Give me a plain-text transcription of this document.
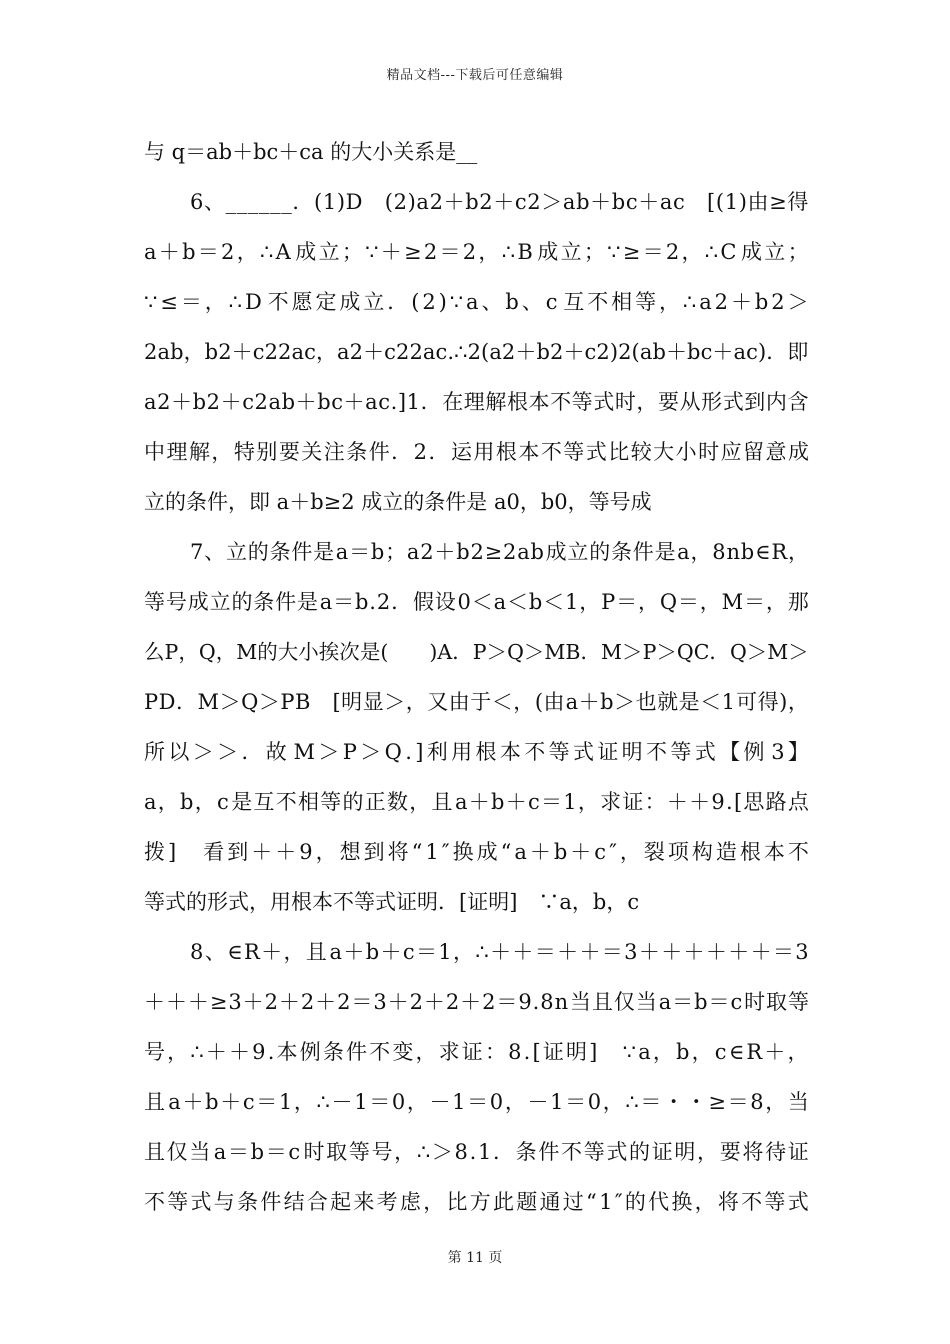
精品文档---下载后可任意编辑
与 q＝ab＋bc＋ca 的大小关系是__
6 、 _ _ _ _ _ _ ． ( 1 ) D
　 ( 2 ) a 2 ＋ b 2 ＋ c 2 ＞ a b ＋ b c ＋ a c
　 [ ( 1 ) 由 ≥ 得
a ＋ b ＝ 2 ， ∴ A 成 立 ； ∵ ＋ ≥ 2 ＝ 2 ， ∴ B 成 立 ； ∵ ≥ ＝ 2 ， ∴ C 成 立 ；
∵ ≤ ＝ ， ∴ D 不 愿 定 成 立 ． ( 2 ) ∵ a 、 b 、 c 互 不 相 等 ， ∴ a 2 ＋ b 2 ＞
2 a b ， b 2 ＋ c 2 2 a c ， a 2 ＋ c 2 2 a c . ∴ 2 ( a 2 ＋ b 2 ＋ c 2 ) 2 ( a b ＋ b c ＋ a c ) ． 即
a 2 ＋ b 2 ＋ c 2 a b ＋ b c ＋ a c . ] 1 ． 在 理 解 根 本 不 等 式 时 ， 要 从 形 式 到 内 含
中 理 解 ， 特 别 要 关 注 条 件 ． 2 ． 运 用 根 本 不 等 式 比 较 大 小 时 应 留 意 成
立的条件，即 a＋b≥2 成立的条件是 a0，b0，等号成
7 、 立 的 条 件 是 a ＝ b ； a 2 ＋ b 2 ≥ 2 a b 成 立 的 条 件 是 a ， 8 n b ∈ R ，
等 号 成 立 的 条 件 是 a ＝ b . 2 ． 假 设 0 ＜ a ＜ b ＜ 1 ， P ＝ ， Q ＝ ， M ＝ ， 那
么 P ， Q ， M 的 大 小 挨 次 是 (

　 ) A ． P ＞ Q ＞ M B ． M ＞ P ＞ Q C ． Q ＞ M ＞
P D ． M ＞ Q ＞ P B
　 [ 明 显 ＞ ， 又 由 于 ＜ ， ( 由 a ＋ b ＞ 也 就 是 ＜ 1 可 得 ) ，
所 以 ＞ ＞ ． 故 M ＞ P ＞ Q . ] 利 用 根 本 不 等 式 证 明 不 等 式 【 例 3 】
a ， b ， c 是 互 不 相 等 的 正 数 ， 且 a ＋ b ＋ c ＝ 1 ， 求 证 ： ＋ ＋ 9 . [ 思 路 点
拨 ]
　 看 到 ＋ ＋ 9 ， 想 到 将 “ 1 ″ 换 成 “ a ＋ b ＋ c ″ ， 裂 项 构 造 根 本 不
等式的形式，用根本不等式证明．[证明]　∵a，b，c
8 、 ∈ R ＋ ， 且 a ＋ b ＋ c ＝ 1 ， ∴ ＋ ＋ ＝ ＋ ＋ ＝ 3 ＋ ＋ ＋ ＋ ＋ ＋ ＝ 3
＋ ＋ ＋ ≥ 3 ＋ 2 ＋ 2 ＋ 2 ＝ 3 ＋ 2 ＋ 2 ＋ 2 ＝ 9 . 8 n 当 且 仅 当 a ＝ b ＝ c 时 取 等
号 ， ∴ ＋ ＋ 9 . 本 例 条 件 不 变 ， 求 证 ： 8 . [ 证 明 ]
　 ∵ a ， b ， c ∈ R ＋ ，
且 a ＋ b ＋ c ＝ 1 ， ∴ － 1 ＝ 0 ， － 1 ＝ 0 ， － 1 ＝ 0 ， ∴ ＝ ・ ・ ≥ ＝ 8 ， 当
且 仅 当 a ＝ b ＝ c 时 取 等 号 ， ∴ ＞ 8 . 1 ． 条 件 不 等 式 的 证 明 ， 要 将 待 证
不 等 式 与 条 件 结 合 起 来 考 虑 ， 比 方 此 题 通 过 “ 1 ″ 的 代 换 ， 将 不 等 式
第 11 页
